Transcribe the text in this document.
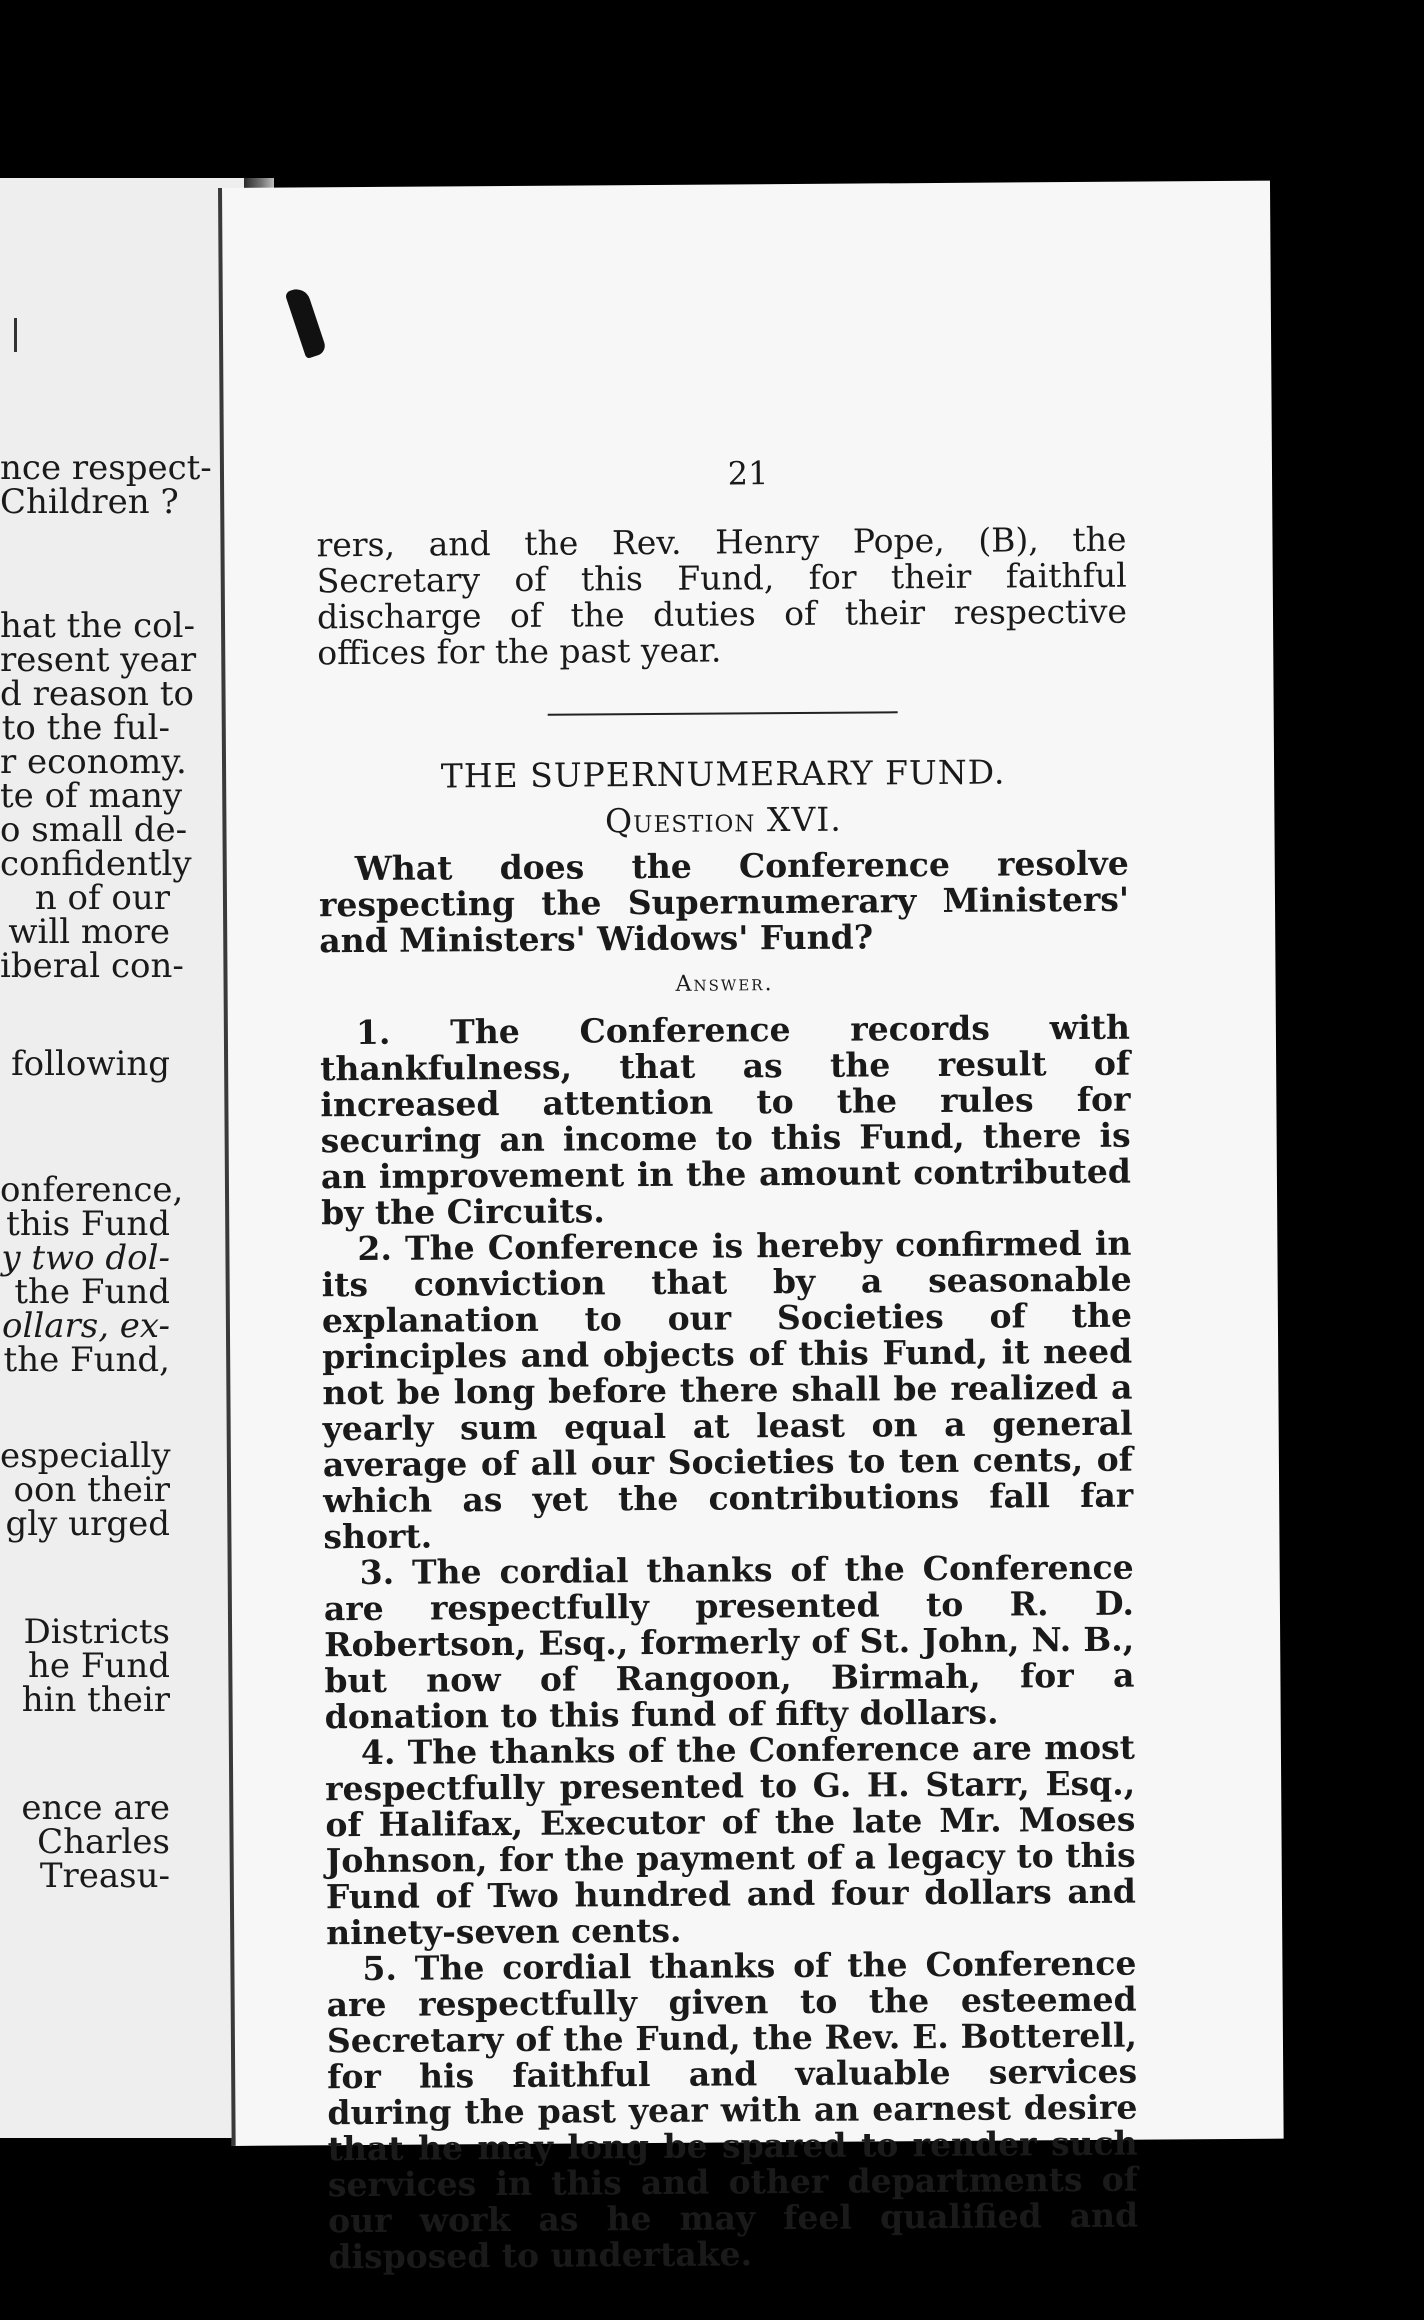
nce respect-
Children ?
hat the col-
resent year
d reason to
to the ful-
r economy.
te of many
o small de-
confidently
n of our
will more
iberal con-
following
onference,
this Fund
y two dol-
the Fund
ollars, ex-
the Fund,
especially
oon their
gly urged
Districts
he Fund
hin their
ence are
Charles
Treasu-
21

rers, and the Rev. Henry Pope, (B), the Secretary of this Fund, for their faithful discharge of the duties of their respective offices for the past year.

THE SUPERNUMERARY FUND.
Question XVI.

What does the Conference resolve respecting the Supernumerary Ministers' and Ministers' Widows' Fund?

Answer.

1. The Conference records with thankfulness, that as the result of increased attention to the rules for securing an income to this Fund, there is an improvement in the amount contributed by the Circuits.

2. The Conference is hereby confirmed in its conviction that by a seasonable explanation to our Societies of the principles and objects of this Fund, it need not be long before there shall be realized a yearly sum equal at least on a general average of all our Societies to ten cents, of which as yet the contributions fall far short.

3. The cordial thanks of the Conference are respectfully presented to R. D. Robertson, Esq., formerly of St. John, N. B., but now of Rangoon, Birmah, for a donation to this fund of fifty dollars.

4. The thanks of the Conference are most respectfully presented to G. H. Starr, Esq., of Halifax, Executor of the late Mr. Moses Johnson, for the payment of a legacy to this Fund of Two hundred and four dollars and ninety-seven cents.

5. The cordial thanks of the Conference are respectfully given to the esteemed Secretary of the Fund, the Rev. E. Botterell, for his faithful and valuable services during the past year with an earnest desire that he may long be spared to render such services in this and other departments of our work as he may feel qualified and disposed to undertake.
